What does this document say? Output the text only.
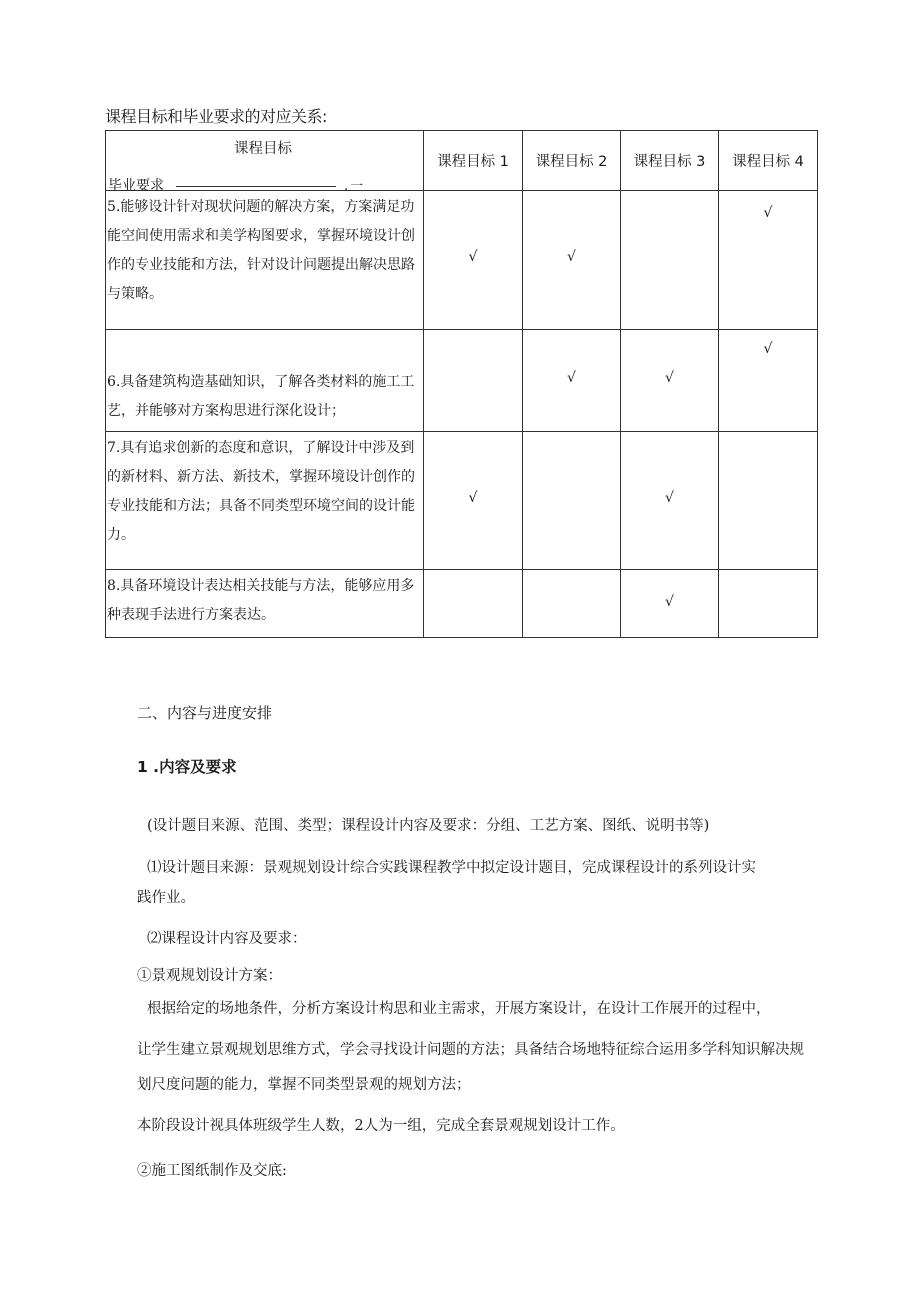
课程目标和毕业要求的对应关系:
课程目标
毕业要求 .一	课程目标 1	课程目标 2	课程目标 3	课程目标 4
5.能够设计针对现状问题的解决方案，方案满足功能空间使用需求和美学构图要求，掌握环境设计创作的专业技能和方法，针对设计问题提出解决思路与策略。	√	√		√

6.具备建筑构造基础知识，了解各类材料的施工工艺，并能够对方案构思进行深化设计；		√	√	√

7.具有追求创新的态度和意识，了解设计中涉及到的新材料、新方法、新技术，掌握环境设计创作的专业技能和方法；具备不同类型环境空间的设计能力。	√		√	

8.具备环境设计表达相关技能与方法，能够应用多种表现手法进行方案表达。			√	

二、内容与进度安排
1 .内容及要求

(设计题目来源、范围、类型；课程设计内容及要求：分组、工艺方案、图纸、说明书等)

⑴设计题目来源：景观规划设计综合实践课程教学中拟定设计题目，完成课程设计的系列设计实

践作业。

⑵课程设计内容及要求：

①景观规划设计方案：

根据给定的场地条件，分析方案设计构思和业主需求，开展方案设计，在设计工作展开的过程中，

让学生建立景观规划思维方式，学会寻找设计问题的方法；具备结合场地特征综合运用多学科知识解决规

划尺度问题的能力，掌握不同类型景观的规划方法；

本阶段设计视具体班级学生人数，2人为一组，完成全套景观规划设计工作。

②施工图纸制作及交底:
